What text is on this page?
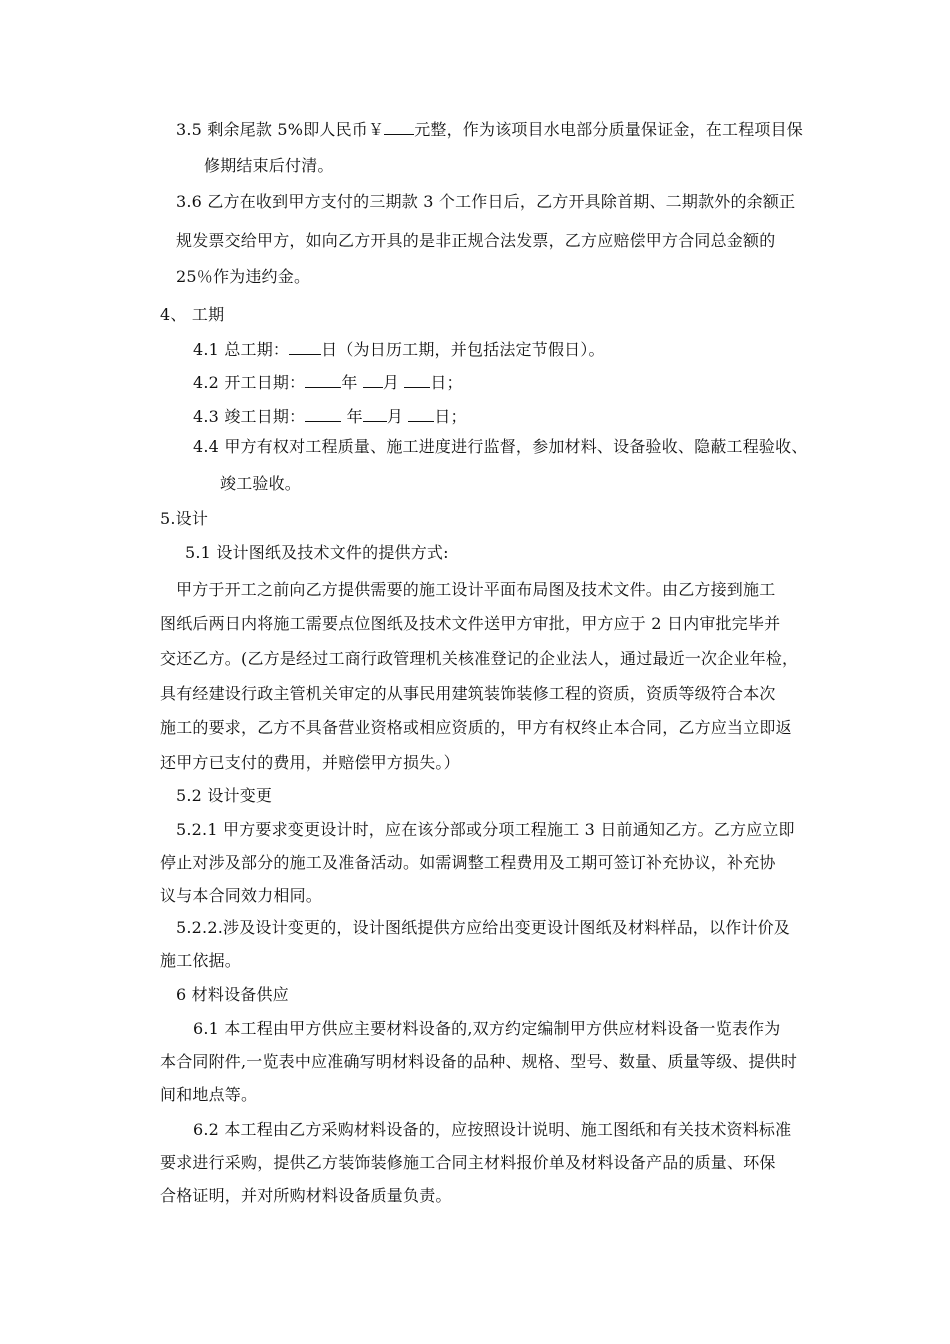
3.5 剩余尾款 5%即人民币￥ 元整，作为该项目水电部分质量保证金，在工程项目保
修期结束后付清。
3.6 乙方在收到甲方支付的三期款 3 个工作日后，乙方开具除首期、二期款外的余额正
规发票交给甲方，如向乙方开具的是非正规合法发票，乙方应赔偿甲方合同总金额的
25％作为违约金。
4、 工期
4.1 总工期： 日（为日历工期，并包括法定节假日）。
4.2 开工日期： 年 月 日；
4.3 竣工日期：	年 月 日；
4.4 甲方有权对工程质量、施工进度进行监督，参加材料、设备验收、隐蔽工程验收、
竣工验收。
5.设计
5.1 设计图纸及技术文件的提供方式:
甲方于开工之前向乙方提供需要的施工设计平面布局图及技术文件。由乙方接到施工
图纸后两日内将施工需要点位图纸及技术文件送甲方审批，甲方应于 2 日内审批完毕并
交还乙方。(乙方是经过工商行政管理机关核准登记的企业法人，通过最近一次企业年检，
具有经建设行政主管机关审定的从事民用建筑装饰装修工程的资质，资质等级符合本次
施工的要求，乙方不具备营业资格或相应资质的，甲方有权终止本合同，乙方应当立即返
还甲方已支付的费用，并赔偿甲方损失。）
5.2 设计变更
5.2.1 甲方要求变更设计时，应在该分部或分项工程施工 3 日前通知乙方。乙方应立即
停止对涉及部分的施工及准备活动。如需调整工程费用及工期可签订补充协议，补充协
议与本合同效力相同。
5.2.2.涉及设计变更的，设计图纸提供方应给出变更设计图纸及材料样品，以作计价及
施工依据。
6 材料设备供应
6.1 本工程由甲方供应主要材料设备的,双方约定编制甲方供应材料设备一览表作为
本合同附件,一览表中应准确写明材料设备的品种、规格、型号、数量、质量等级、提供时
间和地点等。
6.2 本工程由乙方采购材料设备的，应按照设计说明、施工图纸和有关技术资料标准
要求进行采购，提供乙方装饰装修施工合同主材料报价单及材料设备产品的质量、环保
合格证明，并对所购材料设备质量负责。
